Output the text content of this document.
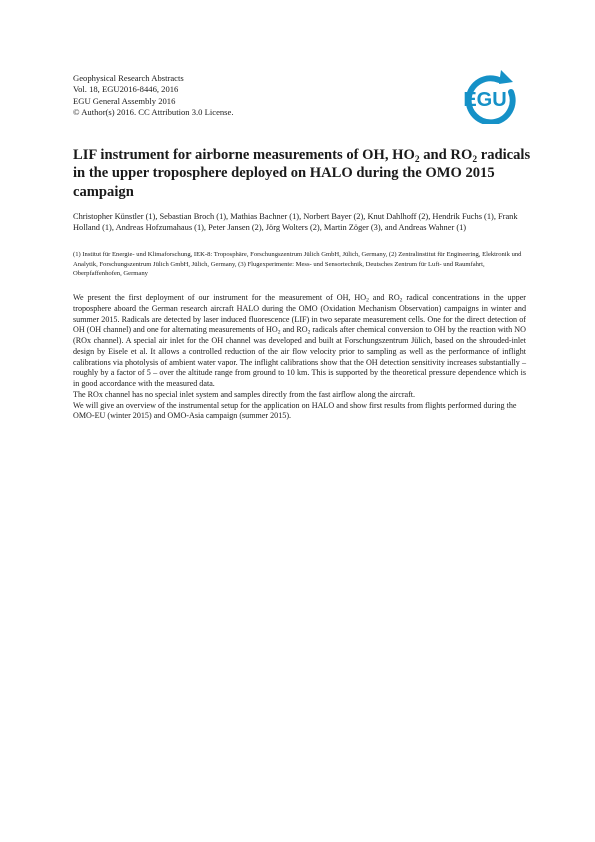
Geophysical Research Abstracts
Vol. 18, EGU2016-8446, 2016
EGU General Assembly 2016
© Author(s) 2016. CC Attribution 3.0 License.
EGU
LIF instrument for airborne measurements of OH, $HO_2$ and $RO_2$ radicals in the upper troposphere deployed on HALO during the OMO 2015 campaign
Christopher Künstler (1), Sebastian Broch (1), Mathias Bachner (1), Norbert Bayer (2), Knut Dahlhoff (2), Hendrik Fuchs (1), Frank Holland (1), Andreas Hofzumahaus (1), Peter Jansen (2), Jörg Wolters (2), Martin Zöger (3), and Andreas Wahner (1)
(1) Institut für Energie- und Klimaforschung, IEK-8: Troposphäre, Forschungszentrum Jülich GmbH, Jülich, Germany, (2) Zentralinstitut für Engineering, Elektronik und Analytik, Forschungszentrum Jülich GmbH, Jülich, Germany, (3) Flugexperimente: Mess- und Sensortechnik, Deutsches Zentrum für Luft- und Raumfahrt, Oberpfaffenhofen, Germany

We present the first deployment of our instrument for the measurement of OH, $HO_2$ and $RO_2$ radical concentrations in the upper troposphere aboard the German research aircraft HALO during the OMO (Oxidation Mechanism Observation) campaigns in winter and summer 2015. Radicals are detected by laser induced fluorescence (LIF) in two separate measurement cells. One for the direct detection of OH (OH channel) and one for alternating measurements of $HO_2$ and $RO_2$ radicals after chemical conversion to OH by the reaction with NO (ROx channel). A special air inlet for the OH channel was developed and built at Forschungszentrum Jülich, based on the shrouded-inlet design by Eisele et al. It allows a controlled reduction of the air flow velocity prior to sampling as well as the performance of inflight calibrations via photolysis of ambient water vapor. The inflight calibrations show that the OH detection sensitivity increases substantially – roughly by a factor of 5 – over the altitude range from ground to 10 km. This is supported by the theoretical pressure dependence which is in good accordance with the measured data.

The ROx channel has no special inlet system and samples directly from the fast airflow along the aircraft.

We will give an overview of the instrumental setup for the application on HALO and show first results from flights performed during the OMO-EU (winter 2015) and OMO-Asia campaign (summer 2015).
